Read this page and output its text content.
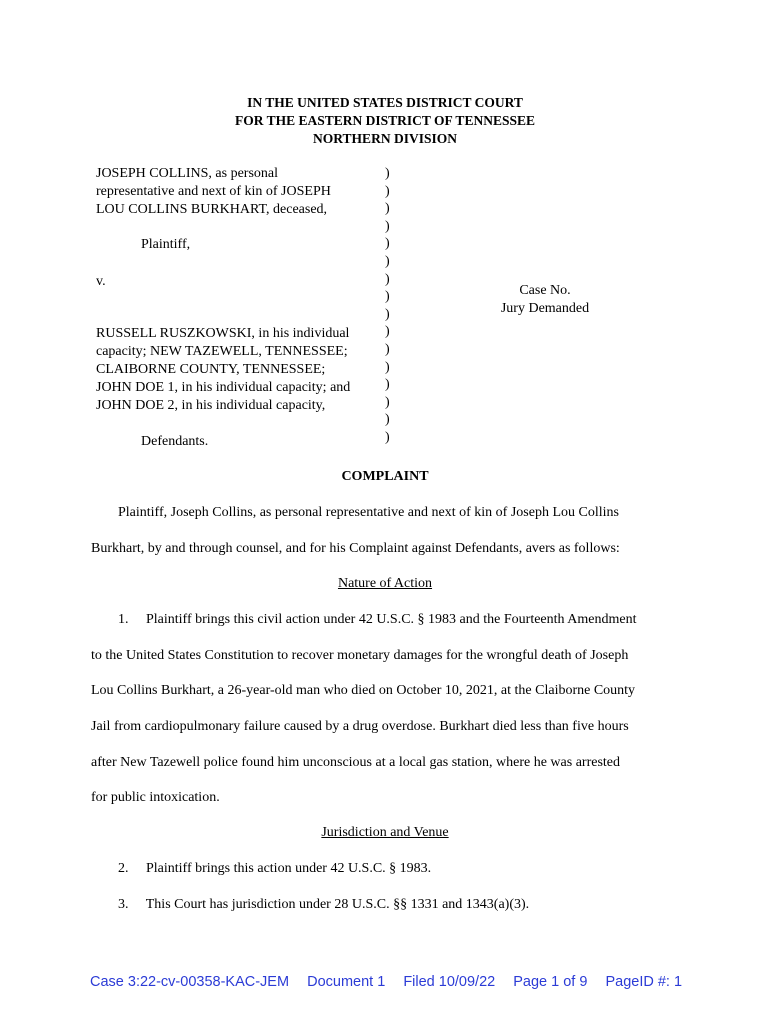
IN THE UNITED STATES DISTRICT COURT
FOR THE EASTERN DISTRICT OF TENNESSEE
NORTHERN DIVISION
JOSEPH COLLINS, as personal
representative and next of kin of JOSEPH
LOU COLLINS BURKHART, deceased,
Plaintiff,
v.
RUSSELL RUSZKOWSKI, in his individual
capacity; NEW TAZEWELL, TENNESSEE;
CLAIBORNE COUNTY, TENNESSEE;
JOHN DOE 1, in his individual capacity; and
JOHN DOE 2, in his individual capacity,
Defendants.
)
)
)
)
)
)
)
)
)
)
)
)
)
)
)
)
Case No.
Jury Demanded
COMPLAINT
Plaintiff, Joseph Collins, as personal representative and next of kin of Joseph Lou Collins
Burkhart, by and through counsel, and for his Complaint against Defendants, avers as follows:
Nature of Action
1.     Plaintiff brings this civil action under 42 U.S.C. § 1983 and the Fourteenth Amendment
to the United States Constitution to recover monetary damages for the wrongful death of Joseph
Lou Collins Burkhart, a 26-year-old man who died on October 10, 2021, at the Claiborne County
Jail from cardiopulmonary failure caused by a drug overdose. Burkhart died less than five hours
after New Tazewell police found him unconscious at a local gas station, where he was arrested
for public intoxication.
Jurisdiction and Venue
2.     Plaintiff brings this action under 42 U.S.C. § 1983.
3.     This Court has jurisdiction under 28 U.S.C. §§ 1331 and 1343(a)(3).
Case 3:22-cv-00358-KAC-JEM Document 1 Filed 10/09/22 Page 1 of 9 PageID #: 1
